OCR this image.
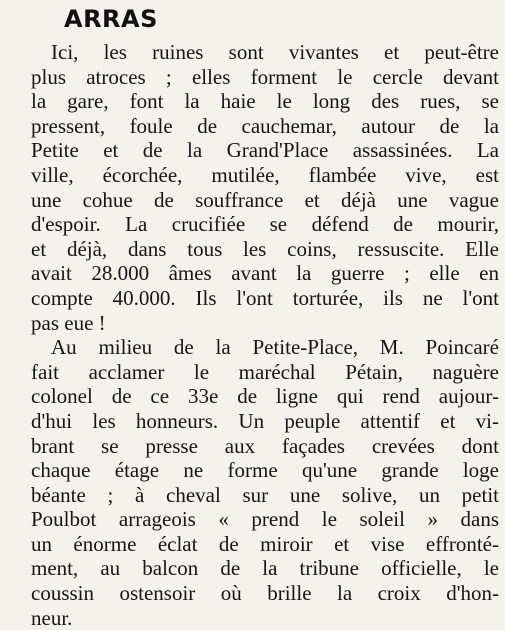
ARRAS
Ici, les ruines sont vivantes et peut-être
plus atroces ; elles forment le cercle devant
la gare, font la haie le long des rues, se
pressent, foule de cauchemar, autour de la
Petite et de la Grand'Place assassinées. La
ville, écorchée, mutilée, flambée vive, est
une cohue de souffrance et déjà une vague
d'espoir. La crucifiée se défend de mourir,
et déjà, dans tous les coins, ressuscite. Elle
avait 28.000 âmes avant la guerre ; elle en
compte 40.000. Ils l'ont torturée, ils ne l'ont
pas eue !
Au milieu de la Petite-Place, M. Poincaré
fait acclamer le maréchal Pétain, naguère
colonel de ce 33e de ligne qui rend aujour-
d'hui les honneurs. Un peuple attentif et vi-
brant se presse aux façades crevées dont
chaque étage ne forme qu'une grande loge
béante ; à cheval sur une solive, un petit
Poulbot arrageois « prend le soleil » dans
un énorme éclat de miroir et vise effronté-
ment, au balcon de la tribune officielle, le
coussin ostensoir où brille la croix d'hon-
neur.
